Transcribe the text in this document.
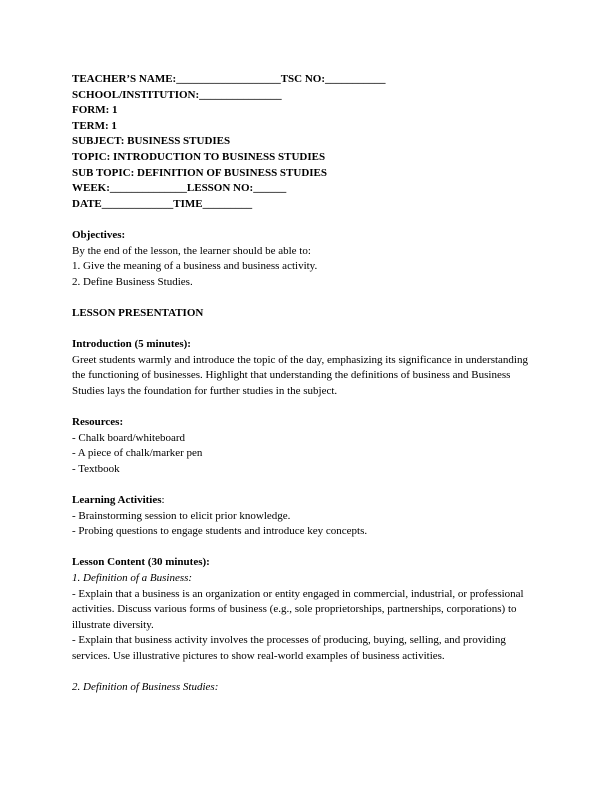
TEACHER’S NAME:___________________TSC NO:___________

SCHOOL/INSTITUTION:_______________

FORM: 1

TERM: 1

SUBJECT: BUSINESS STUDIES

TOPIC: INTRODUCTION TO BUSINESS STUDIES

SUB TOPIC: DEFINITION OF BUSINESS STUDIES

WEEK:______________LESSON NO:______

DATE_____________TIME_________

Objectives:

By the end of the lesson, the learner should be able to:

1. Give the meaning of a business and business activity.

2. Define Business Studies.

LESSON PRESENTATION

Introduction (5 minutes):

Greet students warmly and introduce the topic of the day, emphasizing its significance in understanding the functioning of businesses. Highlight that understanding the definitions of business and Business Studies lays the foundation for further studies in the subject.

Resources:

- Chalk board/whiteboard

- A piece of chalk/marker pen

- Textbook

Learning Activities:

- Brainstorming session to elicit prior knowledge.

- Probing questions to engage students and introduce key concepts.

Lesson Content (30 minutes):

1. Definition of a Business:

- Explain that a business is an organization or entity engaged in commercial, industrial, or professional activities. Discuss various forms of business (e.g., sole proprietorships, partnerships, corporations) to illustrate diversity.

- Explain that business activity involves the processes of producing, buying, selling, and providing services. Use illustrative pictures to show real-world examples of business activities.

2. Definition of Business Studies:
